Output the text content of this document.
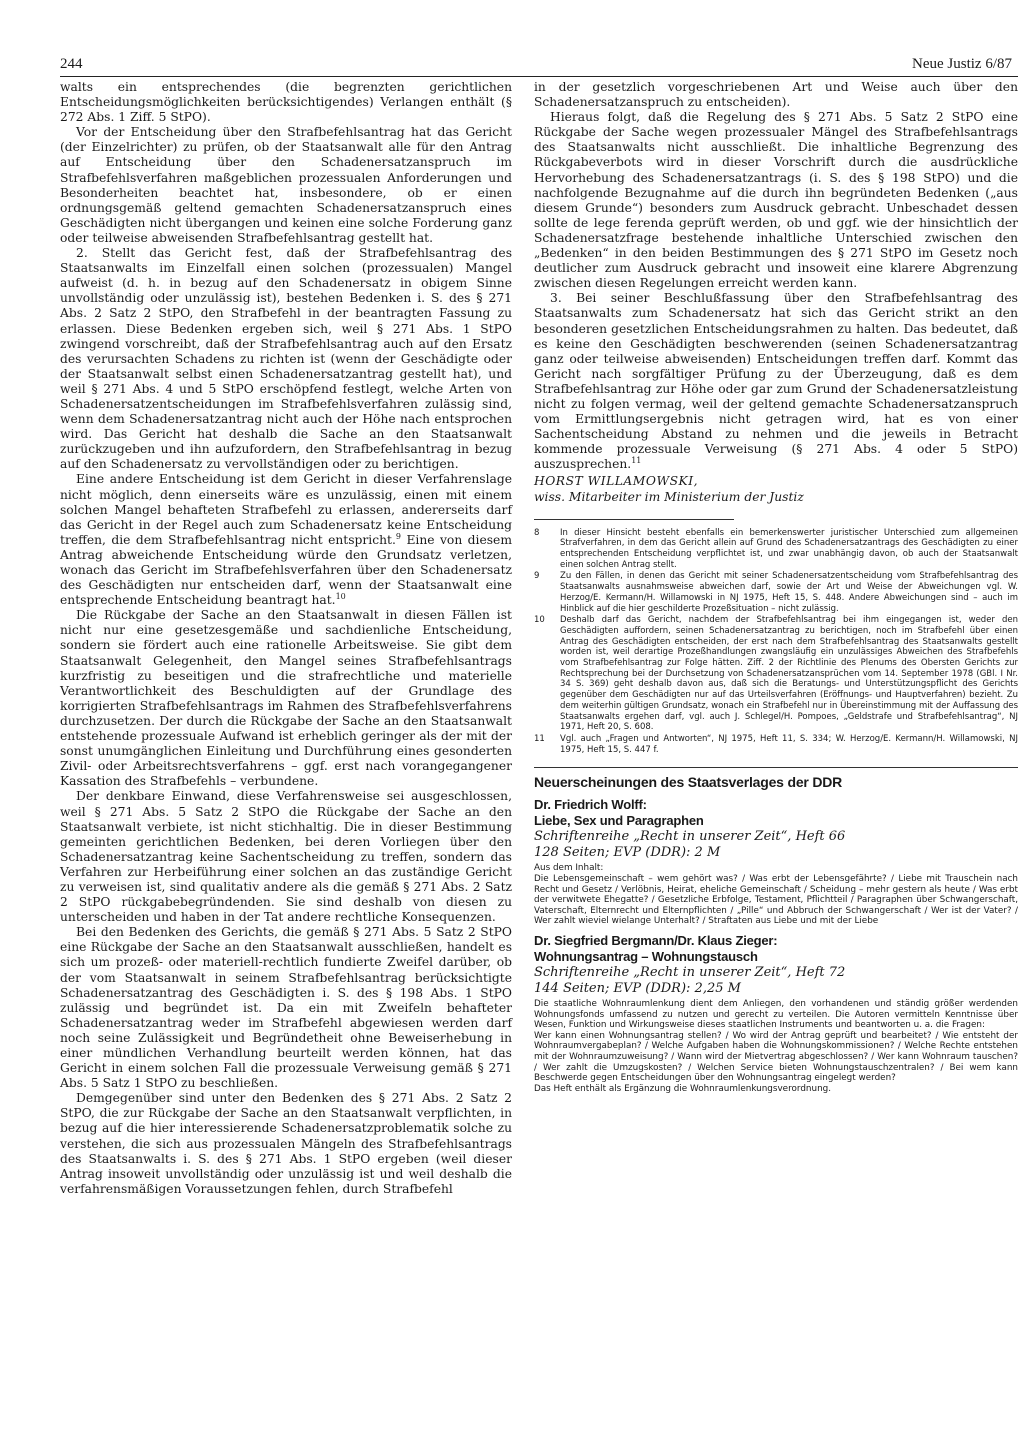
244	Neue Justiz 6/87

walts ein entsprechendes (die begrenzten gerichtlichen Entscheidungsmöglichkeiten berücksichtigendes) Verlangen enthält (§ 272 Abs. 1 Ziff. 5 StPO).

Vor der Entscheidung über den Strafbefehlsantrag hat das Gericht (der Einzelrichter) zu prüfen, ob der Staatsanwalt alle für den Antrag auf Entscheidung über den Schadenersatzanspruch im Strafbefehlsverfahren maßgeblichen prozessualen Anforderungen und Besonderheiten beachtet hat, insbesondere, ob er einen ordnungsgemäß geltend gemachten Schadenersatzanspruch eines Geschädigten nicht übergangen und keinen eine solche Forderung ganz oder teilweise abweisenden Strafbefehlsantrag gestellt hat.

2. Stellt das Gericht fest, daß der Strafbefehlsantrag des Staatsanwalts im Einzelfall einen solchen (prozessualen) Mangel aufweist (d. h. in bezug auf den Schadenersatz in obigem Sinne unvollständig oder unzulässig ist), bestehen Bedenken i. S. des § 271 Abs. 2 Satz 2 StPO, den Strafbefehl in der beantragten Fassung zu erlassen. Diese Bedenken ergeben sich, weil § 271 Abs. 1 StPO zwingend vorschreibt, daß der Strafbefehlsantrag auch auf den Ersatz des verursachten Schadens zu richten ist (wenn der Geschädigte oder der Staatsanwalt selbst einen Schadenersatzantrag gestellt hat), und weil § 271 Abs. 4 und 5 StPO erschöpfend festlegt, welche Arten von Schadenersatzentscheidungen im Strafbefehlsverfahren zulässig sind, wenn dem Schadenersatzantrag nicht auch der Höhe nach entsprochen wird. Das Gericht hat deshalb die Sache an den Staatsanwalt zurückzugeben und ihn aufzufordern, den Strafbefehlsantrag in bezug auf den Schadenersatz zu vervollständigen oder zu berichtigen.

Eine andere Entscheidung ist dem Gericht in dieser Verfahrenslage nicht möglich, denn einerseits wäre es unzulässig, einen mit einem solchen Mangel behafteten Strafbefehl zu erlassen, andererseits darf das Gericht in der Regel auch zum Schadenersatz keine Entscheidung treffen, die dem Strafbefehlsantrag nicht entspricht.$^9$ Eine von diesem Antrag abweichende Entscheidung würde den Grundsatz verletzen, wonach das Gericht im Strafbefehlsverfahren über den Schadenersatz des Geschädigten nur entscheiden darf, wenn der Staatsanwalt eine entsprechende Entscheidung beantragt hat.$^{10}$

Die Rückgabe der Sache an den Staatsanwalt in diesen Fällen ist nicht nur eine gesetzesgemäße und sachdienliche Entscheidung, sondern sie fördert auch eine rationelle Arbeitsweise. Sie gibt dem Staatsanwalt Gelegenheit, den Mangel seines Strafbefehlsantrags kurzfristig zu beseitigen und die strafrechtliche und materielle Verantwortlichkeit des Beschuldigten auf der Grundlage des korrigierten Strafbefehlsantrags im Rahmen des Strafbefehlsverfahrens durchzusetzen. Der durch die Rückgabe der Sache an den Staatsanwalt entstehende prozessuale Aufwand ist erheblich geringer als der mit der sonst unumgänglichen Einleitung und Durchführung eines gesonderten Zivil- oder Arbeitsrechtsverfahrens – ggf. erst nach vorangegangener Kassation des Strafbefehls – verbundene.

Der denkbare Einwand, diese Verfahrensweise sei ausgeschlossen, weil § 271 Abs. 5 Satz 2 StPO die Rückgabe der Sache an den Staatsanwalt verbiete, ist nicht stichhaltig. Die in dieser Bestimmung gemeinten gerichtlichen Bedenken, bei deren Vorliegen über den Schadenersatzantrag keine Sachentscheidung zu treffen, sondern das Verfahren zur Herbeiführung einer solchen an das zuständige Gericht zu verweisen ist, sind qualitativ andere als die gemäß § 271 Abs. 2 Satz 2 StPO rückgabebegründenden. Sie sind deshalb von diesen zu unterscheiden und haben in der Tat andere rechtliche Konsequenzen.

Bei den Bedenken des Gerichts, die gemäß § 271 Abs. 5 Satz 2 StPO eine Rückgabe der Sache an den Staatsanwalt ausschließen, handelt es sich um prozeß- oder materiell-rechtlich fundierte Zweifel darüber, ob der vom Staatsanwalt in seinem Strafbefehlsantrag berücksichtigte Schadenersatzantrag des Geschädigten i. S. des § 198 Abs. 1 StPO zulässig und begründet ist. Da ein mit Zweifeln behafteter Schadenersatzantrag weder im Strafbefehl abgewiesen werden darf noch seine Zulässigkeit und Begründetheit ohne Beweiserhebung in einer mündlichen Verhandlung beurteilt werden können, hat das Gericht in einem solchen Fall die prozessuale Verweisung gemäß § 271 Abs. 5 Satz 1 StPO zu beschließen.

Demgegenüber sind unter den Bedenken des § 271 Abs. 2 Satz 2 StPO, die zur Rückgabe der Sache an den Staatsanwalt verpflichten, in bezug auf die hier interessierende Schadenersatzproblematik solche zu verstehen, die sich aus prozessualen Mängeln des Strafbefehlsantrags des Staatsanwalts i. S. des § 271 Abs. 1 StPO ergeben (weil dieser Antrag insoweit unvollständig oder unzulässig ist und weil deshalb die verfahrensmäßigen Voraussetzungen fehlen, durch Strafbefehl

in der gesetzlich vorgeschriebenen Art und Weise auch über den Schadenersatzanspruch zu entscheiden).

Hieraus folgt, daß die Regelung des § 271 Abs. 5 Satz 2 StPO eine Rückgabe der Sache wegen prozessualer Mängel des Strafbefehlsantrags des Staatsanwalts nicht ausschließt. Die inhaltliche Begrenzung des Rückgabeverbots wird in dieser Vorschrift durch die ausdrückliche Hervorhebung des Schadenersatzantrags (i. S. des § 198 StPO) und die nachfolgende Bezugnahme auf die durch ihn begründeten Bedenken („aus diesem Grunde“) besonders zum Ausdruck gebracht. Unbeschadet dessen sollte de lege ferenda geprüft werden, ob und ggf. wie der hinsichtlich der Schadenersatzfrage bestehende inhaltliche Unterschied zwischen den „Bedenken“ in den beiden Bestimmungen des § 271 StPO im Gesetz noch deutlicher zum Ausdruck gebracht und insoweit eine klarere Abgrenzung zwischen diesen Regelungen erreicht werden kann.

3. Bei seiner Beschlußfassung über den Strafbefehlsantrag des Staatsanwalts zum Schadenersatz hat sich das Gericht strikt an den besonderen gesetzlichen Entscheidungsrahmen zu halten. Das bedeutet, daß es keine den Geschädigten beschwerenden (seinen Schadenersatzantrag ganz oder teilweise abweisenden) Entscheidungen treffen darf. Kommt das Gericht nach sorgfältiger Prüfung zu der Überzeugung, daß es dem Strafbefehlsantrag zur Höhe oder gar zum Grund der Schadenersatzleistung nicht zu folgen vermag, weil der geltend gemachte Schadenersatzanspruch vom Ermittlungsergebnis nicht getragen wird, hat es von einer Sachentscheidung Abstand zu nehmen und die jeweils in Betracht kommende prozessuale Verweisung (§ 271 Abs. 4 oder 5 StPO) auszusprechen.$^{11}$

HORST WILLAMOWSKI,
wiss. Mitarbeiter im Ministerium der Justiz
8 In dieser Hinsicht besteht ebenfalls ein bemerkenswerter juristischer Unterschied zum allgemeinen Strafverfahren, in dem das Gericht allein auf Grund des Schadenersatzantrags des Geschädigten zu einer entsprechenden Entscheidung verpflichtet ist, und zwar unabhängig davon, ob auch der Staatsanwalt einen solchen Antrag stellt.
9 Zu den Fällen, in denen das Gericht mit seiner Schadenersatzentscheidung vom Strafbefehlsantrag des Staatsanwalts ausnahmsweise abweichen darf, sowie der Art und Weise der Abweichungen vgl. W. Herzog/E. Kermann/H. Willamowski in NJ 1975, Heft 15, S. 448. Andere Abweichungen sind – auch im Hinblick auf die hier geschilderte Prozeßsituation – nicht zulässig.
10 Deshalb darf das Gericht, nachdem der Strafbefehlsantrag bei ihm eingegangen ist, weder den Geschädigten auffordern, seinen Schadenersatzantrag zu berichtigen, noch im Strafbefehl über einen Antrag des Geschädigten entscheiden, der erst nach dem Strafbefehlsantrag des Staatsanwalts gestellt worden ist, weil derartige Prozeßhandlungen zwangsläufig ein unzulässiges Abweichen des Strafbefehls vom Strafbefehlsantrag zur Folge hätten. Ziff. 2 der Richtlinie des Plenums des Obersten Gerichts zur Rechtsprechung bei der Durchsetzung von Schadenersatzansprüchen vom 14. September 1978 (GBl. I Nr. 34 S. 369) geht deshalb davon aus, daß sich die Beratungs- und Unterstützungspflicht des Gerichts gegenüber dem Geschädigten nur auf das Urteilsverfahren (Eröffnungs- und Hauptverfahren) bezieht. Zu dem weiterhin gültigen Grundsatz, wonach ein Strafbefehl nur in Übereinstimmung mit der Auffassung des Staatsanwalts ergehen darf, vgl. auch J. Schlegel/H. Pompoes, „Geldstrafe und Strafbefehlsantrag“, NJ 1971, Heft 20, S. 608.
11 Vgl. auch „Fragen und Antworten“, NJ 1975, Heft 11, S. 334; W. Herzog/E. Kermann/H. Willamowski, NJ 1975, Heft 15, S. 447 f.
Neuerscheinungen des Staatsverlages der DDR
Dr. Friedrich Wolff:
Liebe, Sex und Paragraphen
Schriftenreihe „Recht in unserer Zeit“, Heft 66
128 Seiten; EVP (DDR): 2 M
Aus dem Inhalt:
Die Lebensgemeinschaft – wem gehört was? / Was erbt der Lebensgefährte? / Liebe mit Trauschein nach Recht und Gesetz / Verlöbnis, Heirat, eheliche Gemeinschaft / Scheidung – mehr gestern als heute / Was erbt der verwitwete Ehegatte? / Gesetzliche Erbfolge, Testament, Pflichtteil / Paragraphen über Schwangerschaft, Vaterschaft, Elternrecht und Elternpflichten / „Pille“ und Abbruch der Schwangerschaft / Wer ist der Vater? / Wer zahlt wieviel wielange Unterhalt? / Straftaten aus Liebe und mit der Liebe
Dr. Siegfried Bergmann/Dr. Klaus Zieger:
Wohnungsantrag – Wohnungstausch
Schriftenreihe „Recht in unserer Zeit“, Heft 72
144 Seiten; EVP (DDR): 2,25 M
Die staatliche Wohnraumlenkung dient dem Anliegen, den vorhandenen und ständig größer werdenden Wohnungsfonds umfassend zu nutzen und gerecht zu verteilen. Die Autoren vermitteln Kenntnisse über Wesen, Funktion und Wirkungsweise dieses staatlichen Instruments und beantworten u. a. die Fragen:
Wer kann einen Wohnungsantrag stellen? / Wo wird der Antrag geprüft und bearbeitet? / Wie entsteht der Wohnraumvergabeplan? / Welche Aufgaben haben die Wohnungskommissionen? / Welche Rechte entstehen mit der Wohnraumzuweisung? / Wann wird der Mietvertrag abgeschlossen? / Wer kann Wohnraum tauschen? / Wer zahlt die Umzugskosten? / Welchen Service bieten Wohnungstauschzentralen? / Bei wem kann Beschwerde gegen Entscheidungen über den Wohnungsantrag eingelegt werden?
Das Heft enthält als Ergänzung die Wohnraumlenkungsverordnung.
